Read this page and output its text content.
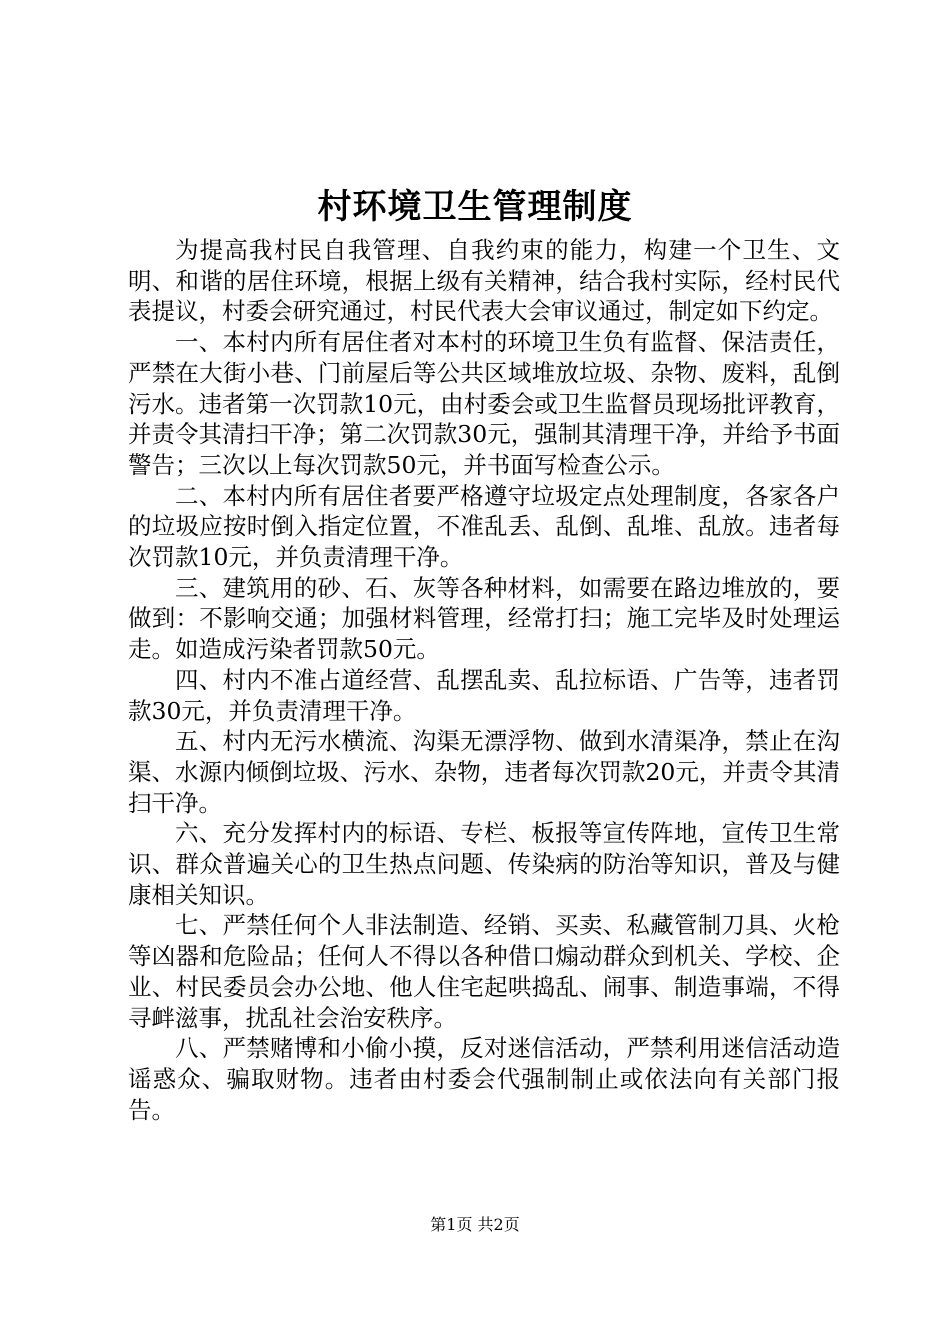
村环境卫生管理制度

为提高我村民自我管理、自我约束的能力，构建一个卫生、文明、和谐的居住环境，根据上级有关精神，结合我村实际，经村民代表提议，村委会研究通过，村民代表大会审议通过，制定如下约定。

一、本村内所有居住者对本村的环境卫生负有监督、保洁责任，严禁在大街小巷、门前屋后等公共区域堆放垃圾、杂物、废料，乱倒污水。违者第一次罚款10元，由村委会或卫生监督员现场批评教育，并责令其清扫干净；第二次罚款30元，强制其清理干净，并给予书面警告；三次以上每次罚款50元，并书面写检查公示。

二、本村内所有居住者要严格遵守垃圾定点处理制度，各家各户的垃圾应按时倒入指定位置，不准乱丢、乱倒、乱堆、乱放。违者每次罚款10元，并负责清理干净。

三、建筑用的砂、石、灰等各种材料，如需要在路边堆放的，要做到：不影响交通；加强材料管理，经常打扫；施工完毕及时处理运走。如造成污染者罚款50元。

四、村内不准占道经营、乱摆乱卖、乱拉标语、广告等，违者罚款30元，并负责清理干净。

五、村内无污水横流、沟渠无漂浮物、做到水清渠净，禁止在沟渠、水源内倾倒垃圾、污水、杂物，违者每次罚款20元，并责令其清扫干净。

六、充分发挥村内的标语、专栏、板报等宣传阵地，宣传卫生常识、群众普遍关心的卫生热点问题、传染病的防治等知识，普及与健康相关知识。

七、严禁任何个人非法制造、经销、买卖、私藏管制刀具、火枪等凶器和危险品；任何人不得以各种借口煽动群众到机关、学校、企业、村民委员会办公地、他人住宅起哄捣乱、闹事、制造事端，不得寻衅滋事，扰乱社会治安秩序。

八、严禁赌博和小偷小摸，反对迷信活动，严禁利用迷信活动造谣惑众、骗取财物。违者由村委会代强制制止或依法向有关部门报告。

第1页 共2页
